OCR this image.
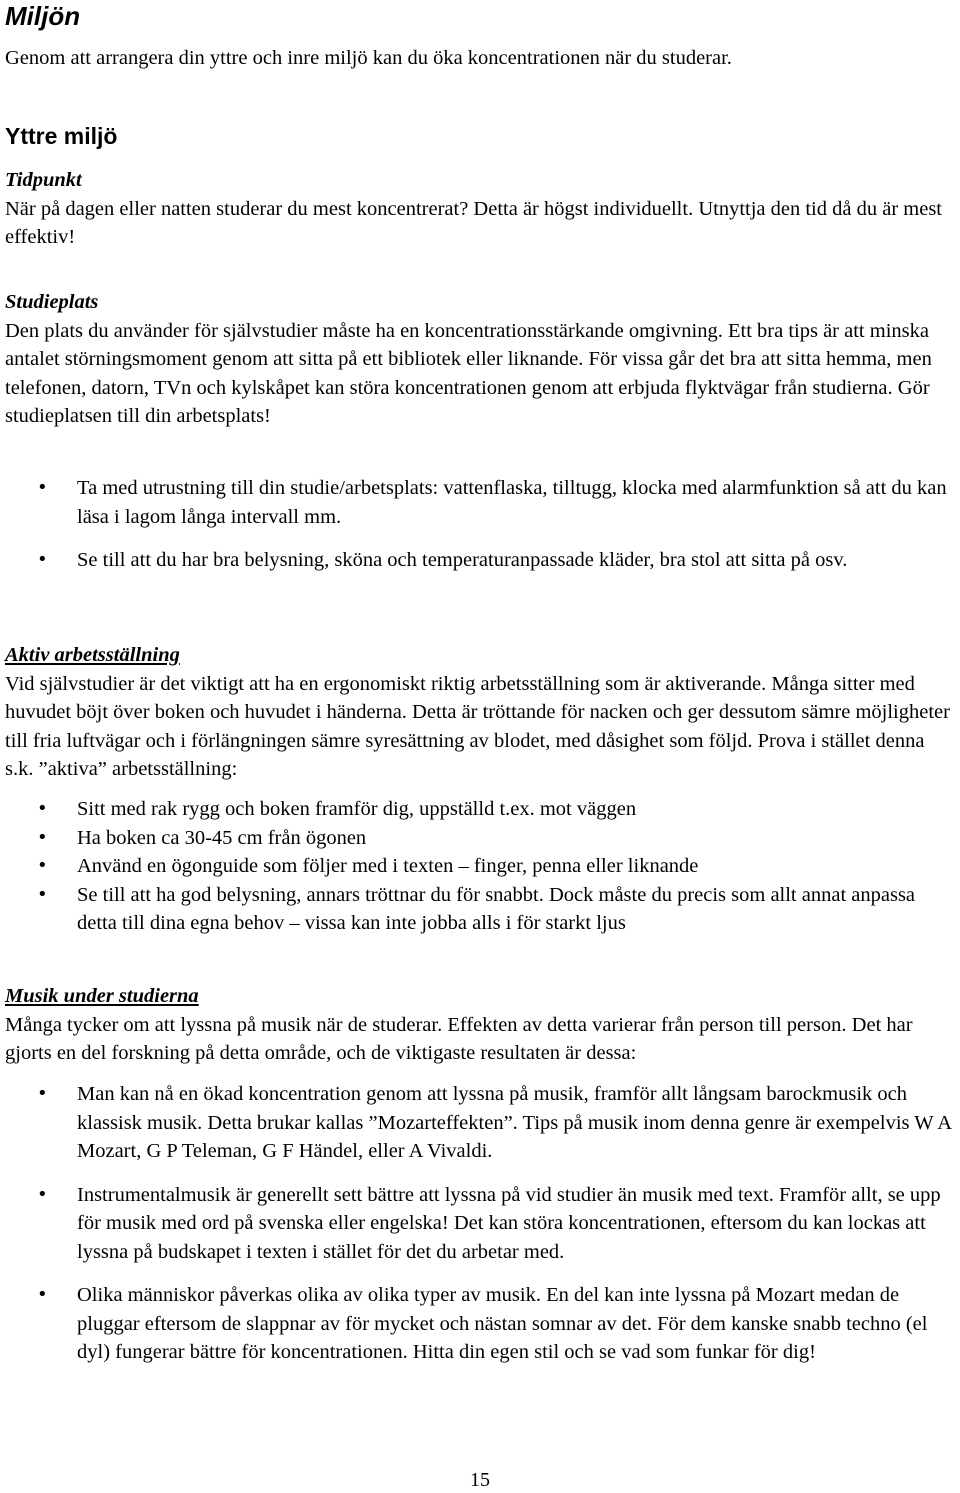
Miljön

Genom att arrangera din yttre och inre miljö kan du öka koncentrationen när du studerar.

Yttre miljö

Tidpunkt

När på dagen eller natten studerar du mest koncentrerat? Detta är högst individuellt. Utnyttja den tid då du är mest effektiv!

Studieplats

Den plats du använder för självstudier måste ha en koncentrationsstärkande omgivning. Ett bra tips är att minska antalet störningsmoment genom att sitta på ett bibliotek eller liknande. För vissa går det bra att sitta hemma, men telefonen, datorn, TVn och kylskåpet kan störa koncentrationen genom att erbjuda flyktvägar från studierna. Gör studieplatsen till din arbetsplats!

• Ta med utrustning till din studie/arbetsplats: vattenflaska, tilltugg, klocka med alarmfunktion så att du kan läsa i lagom långa intervall mm.
• Se till att du har bra belysning, sköna och temperaturanpassade kläder, bra stol att sitta på osv.

Aktiv arbetsställning

Vid självstudier är det viktigt att ha en ergonomiskt riktig arbetsställning som är aktiverande. Många sitter med huvudet böjt över boken och huvudet i händerna. Detta är tröttande för nacken och ger dessutom sämre möjligheter till fria luftvägar och i förlängningen sämre syresättning av blodet, med dåsighet som följd. Prova i stället denna s.k. ”aktiva” arbetsställning:

• Sitt med rak rygg och boken framför dig, uppställd t.ex. mot väggen
• Ha boken ca 30-45 cm från ögonen
• Använd en ögonguide som följer med i texten – finger, penna eller liknande
• Se till att ha god belysning, annars tröttnar du för snabbt. Dock måste du precis som allt annat anpassa detta till dina egna behov – vissa kan inte jobba alls i för starkt ljus

Musik under studierna

Många tycker om att lyssna på musik när de studerar. Effekten av detta varierar från person till person. Det har gjorts en del forskning på detta område, och de viktigaste resultaten är dessa:

• Man kan nå en ökad koncentration genom att lyssna på musik, framför allt långsam barockmusik och klassisk musik. Detta brukar kallas ”Mozarteffekten”. Tips på musik inom denna genre är exempelvis W A Mozart, G P Teleman, G F Händel, eller A Vivaldi.
• Instrumentalmusik är generellt sett bättre att lyssna på vid studier än musik med text. Framför allt, se upp för musik med ord på svenska eller engelska! Det kan störa koncentrationen, eftersom du kan lockas att lyssna på budskapet i texten i stället för det du arbetar med.
• Olika människor påverkas olika av olika typer av musik. En del kan inte lyssna på Mozart medan de pluggar eftersom de slappnar av för mycket och nästan somnar av det. För dem kanske snabb techno (el dyl) fungerar bättre för koncentrationen. Hitta din egen stil och se vad som funkar för dig!
15
